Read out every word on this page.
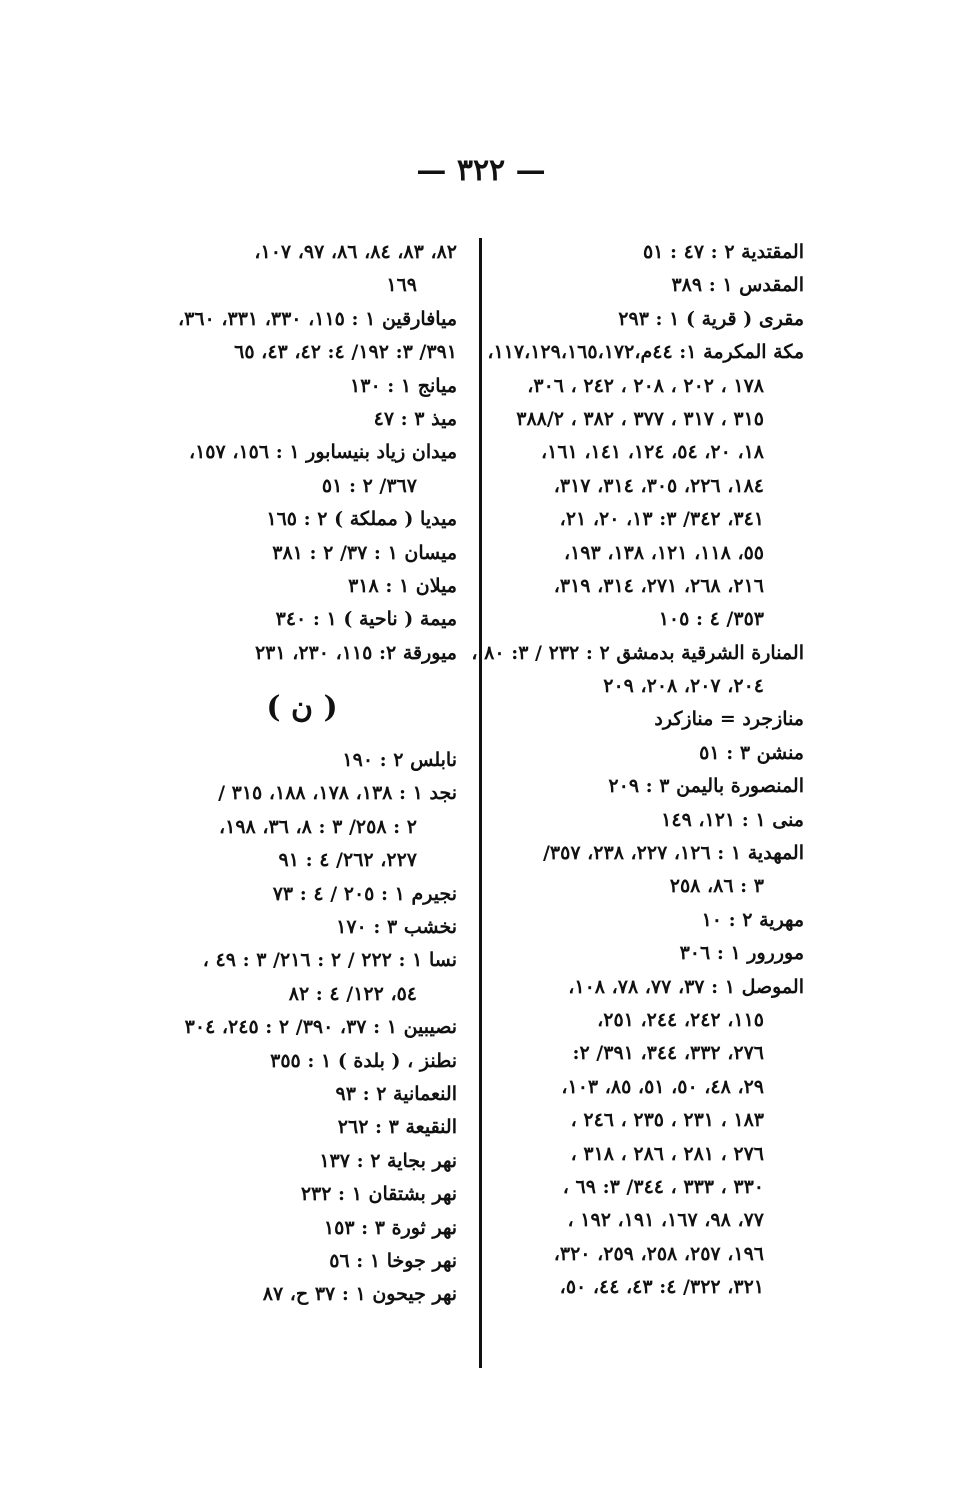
— ٣٢٢ —
المقتدية ٢ : ٤٧ : ٥١
المقدس ١ : ٣٨٩
مقرى ( قرية ) ١ : ٢٩٣
مكة المكرمة ١: ٤٤م،١١٧،١٢٩،١٦٥،١٧٢،
١٧٨ ، ٢٠٢ ، ٢٠٨ ، ٢٤٢ ، ٣٠٦،
٣١٥ ، ٣١٧ ، ٣٧٧ ، ٣٨٢ ، ٣٨٨/٢
١٨، ٢٠، ٥٤، ١٢٤، ١٤١، ١٦١،
١٨٤، ٢٢٦، ٣٠٥، ٣١٤، ٣١٧،
٣٤١، ٣٤٢/ ٣: ١٣، ٢٠، ٢١،
٥٥، ١١٨، ١٢١، ١٣٨، ١٩٣،
٢١٦، ٢٦٨، ٢٧١، ٣١٤، ٣١٩،
٣٥٣/ ٤ : ١٠٥
المنارة الشرقية بدمشق ٢ : ٢٣٢ / ٣: ٨٠ ،
٢٠٤، ٢٠٧، ٢٠٨، ٢٠٩
منازجرد = منازكرد
منشن ٣ : ٥١
المنصورة باليمن ٣ : ٢٠٩
منى ١ : ١٢١، ١٤٩
المهدية ١ : ١٢٦، ٢٢٧، ٢٣٨، ٣٥٧/
٣ : ٨٦، ٢٥٨
مهرية ٢ : ١٠
موررور ١ : ٣٠٦
الموصل ١ : ٣٧، ٧٧، ٧٨، ١٠٨،
١١٥، ٢٤٢، ٢٤٤، ٢٥١،
٢٧٦، ٣٣٢، ٣٤٤، ٣٩١/ ٢:
٢٩، ٤٨، ٥٠، ٥١، ٨٥، ١٠٣،
١٨٣ ، ٢٣١ ، ٢٣٥ ، ٢٤٦ ،
٢٧٦ ، ٢٨١ ، ٢٨٦ ، ٣١٨ ،
٣٣٠ ، ٣٣٣ ، ٣٤٤/ ٣: ٦٩ ،
٧٧، ٩٨، ١٦٧، ١٩١، ١٩٢ ،
١٩٦، ٢٥٧، ٢٥٨، ٢٥٩، ٣٢٠،
٣٢١، ٣٢٢/ ٤: ٤٣، ٤٤، ٥٠،
٨٢، ٨٣، ٨٤، ٨٦، ٩٧، ١٠٧،
١٦٩
ميافارقين ١ : ١١٥، ٣٣٠، ٣٣١، ٣٦٠،
٣٩١/ ٣: ١٩٢/ ٤: ٤٢، ٤٣، ٦٥
ميانج ١ : ١٣٠
ميذ ٣ : ٤٧
ميدان زياد بنيسابور ١ : ١٥٦، ١٥٧،
٣٦٧/ ٢ : ٥١
ميديا ( مملكة ) ٢ : ١٦٥
ميسان ١ : ٣٧/ ٢ : ٣٨١
ميلان ١ : ٣١٨
ميمة ( ناحية ) ١ : ٣٤٠
ميورقة ٢: ١١٥، ٢٣٠، ٢٣١
( ن )
نابلس ٢ : ١٩٠
نجد ١ : ١٣٨، ١٧٨، ١٨٨، ٣١٥ /
٢ : ٢٥٨/ ٣ : ٨، ٣٦، ١٩٨،
٢٢٧، ٢٦٢/ ٤ : ٩١
نجيرم ١ : ٢٠٥ / ٤ : ٧٣
نخشب ٣ : ١٧٠
نسا ١ : ٢٢٢ / ٢ : ٢١٦/ ٣ : ٤٩ ،
٥٤، ١٢٢/ ٤ : ٨٢
نصيبين ١ : ٣٧، ٣٩٠/ ٢ : ٢٤٥، ٣٠٤
نطنز ، ( بلدة ) ١ : ٣٥٥
النعمانية ٢ : ٩٣
النقيعة ٣ : ٢٦٢
نهر بجاية ٢ : ١٣٧
نهر بشتقان ١ : ٢٣٢
نهر ثورة ٣ : ١٥٣
نهر جوخا ١ : ٥٦
نهر جيحون ١ : ٣٧ ح، ٨٧
